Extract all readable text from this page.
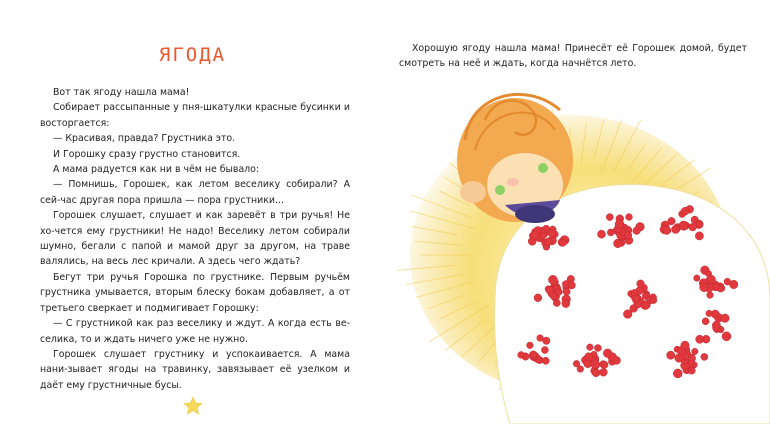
ЯГОДА

Вот так ягоду нашла мама!

Собирает рассыпанные у пня-шкатулки красные бусинки и восторгается:

— Красивая, правда? Грустника это.

И Горошку сразу грустно становится.

А мама радуется как ни в чём не бывало:

— Помнишь, Горошек, как летом веселику собирали? А сей-час другая пора пришла — пора грустники...

Горошек слушает, слушает и как заревёт в три ручья! Не хо-чется ему грустники! Не надо! Веселику летом собирали шумно, бегали с папой и мамой друг за другом, на траве валялись, на весь лес кричали. А здесь чего ждать?

Бегут три ручья Горошка по грустнике. Первым ручьём грустника умывается, вторым блеску бокам добавляет, а от третьего сверкает и подмигивает Горошку:

— С грустникой как раз веселику и ждут. А когда есть ве-селика, то и ждать ничего уже не нужно.

Горошек слушает грустнику и успокаивается. А мама нани-зывает ягоды на травинку, завязывает её узелком и даёт ему грустничные бусы.

Хорошую ягоду нашла мама! Принесёт её Горошек домой, будет смотреть на неё и ждать, когда начнётся лето.
